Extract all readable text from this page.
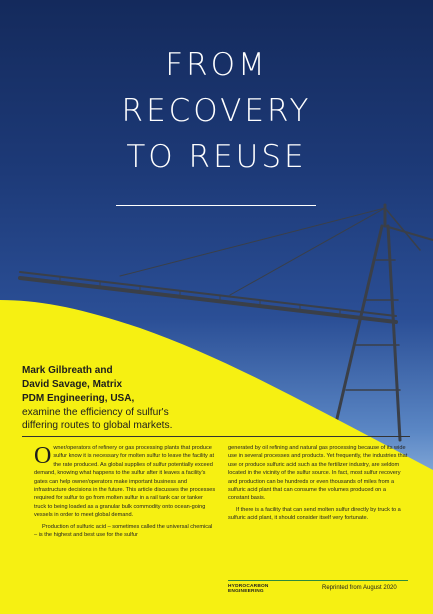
FROM
RECOVERY
TO REUSE
Mark Gilbreath and
David Savage, Matrix
PDM Engineering, USA,
examine the efficiency of sulfur's differing routes to global markets.

Owner/operators of refinery or gas processing plants that produce sulfur know it is necessary for molten sulfur to leave the facility at the rate produced. As global supplies of sulfur potentially exceed demand, knowing what happens to the sulfur after it leaves a facility's gates can help owner/operators make important business and infrastructure decisions in the future. This article discusses the processes required for sulfur to go from molten sulfur in a rail tank car or tanker truck to being loaded as a granular bulk commodity onto ocean-going vessels in order to meet global demand.

Production of sulfuric acid – sometimes called the universal chemical – is the highest and best use for the sulfur

generated by oil refining and natural gas processing because of its wide use in several processes and products. Yet frequently, the industries that use or produce sulfuric acid such as the fertilizer industry, are seldom located in the vicinity of the sulfur source. In fact, most sulfur recovery and production can be hundreds or even thousands of miles from a sulfuric acid plant that can consume the volumes produced on a constant basis.

If there is a facility that can send molten sulfur directly by truck to a sulfuric acid plant, it should consider itself very fortunate.

HYDROCARBON
ENGINEERING
Reprinted from August 2020
